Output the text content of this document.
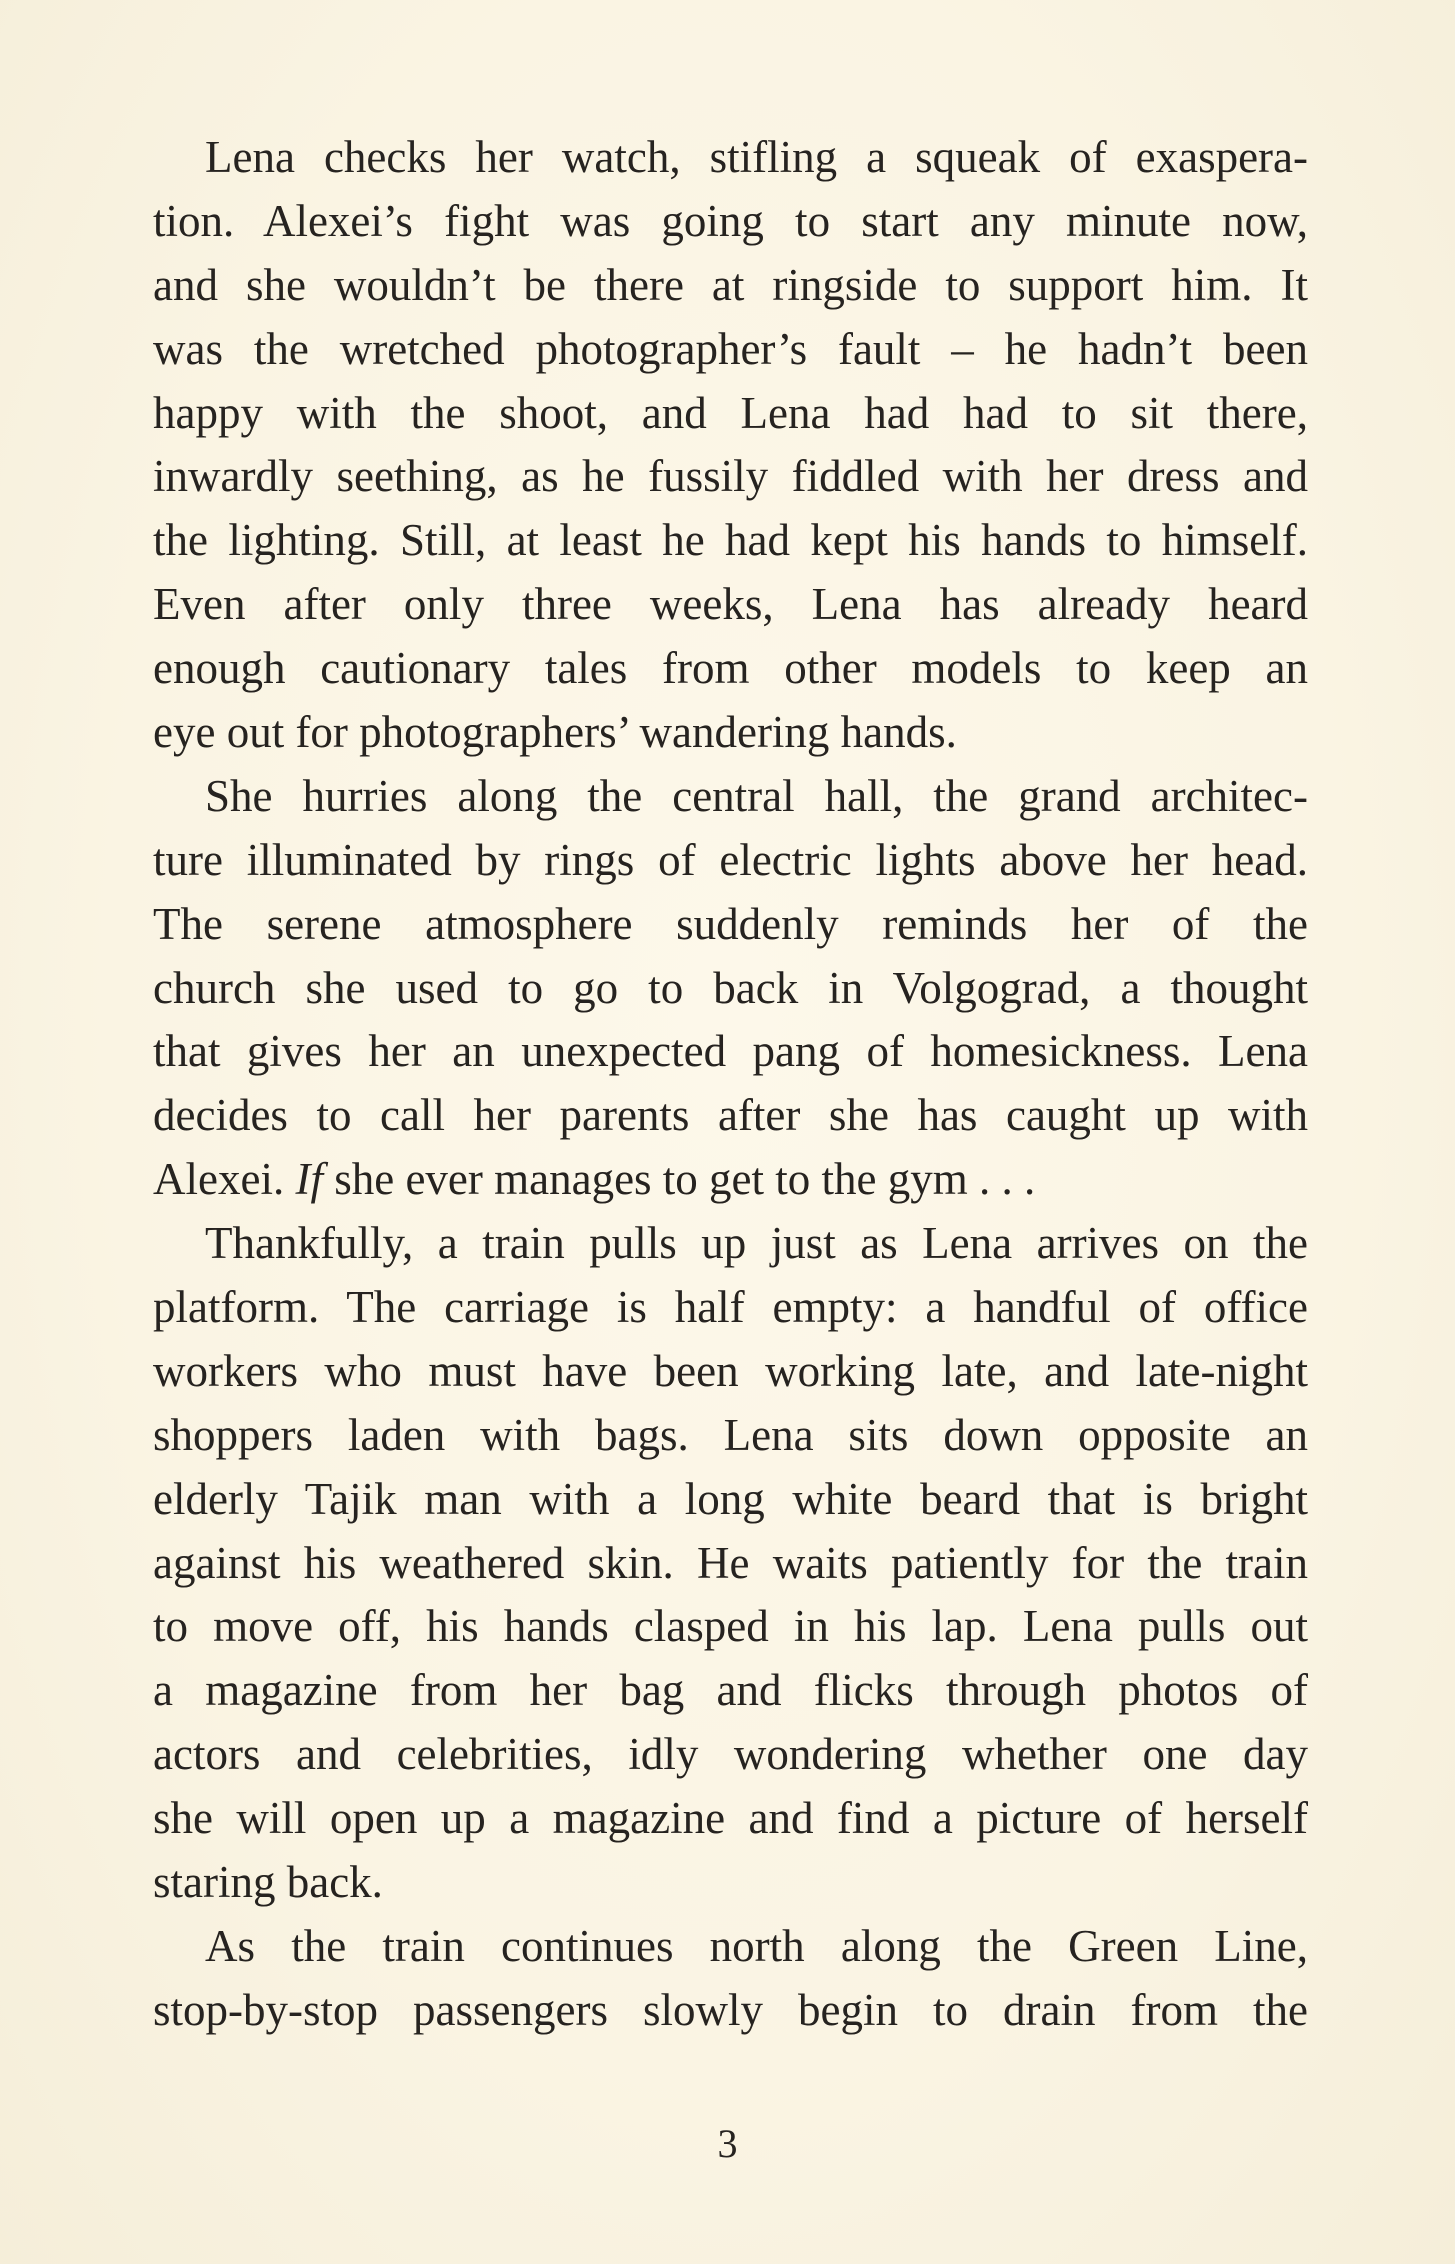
Lena checks her watch, stifling a squeak of exaspera-
tion. Alexei’s fight was going to start any minute now,
and she wouldn’t be there at ringside to support him. It
was the wretched photographer’s fault – he hadn’t been
happy with the shoot, and Lena had had to sit there,
inwardly seething, as he fussily fiddled with her dress and
the lighting. Still, at least he had kept his hands to himself.
Even after only three weeks, Lena has already heard
enough cautionary tales from other models to keep an
eye out for photographers’ wandering hands.
She hurries along the central hall, the grand architec-
ture illuminated by rings of electric lights above her head.
The serene atmosphere suddenly reminds her of the
church she used to go to back in Volgograd, a thought
that gives her an unexpected pang of homesickness. Lena
decides to call her parents after she has caught up with
Alexei. If she ever manages to get to the gym . . .
Thankfully, a train pulls up just as Lena arrives on the
platform. The carriage is half empty: a handful of office
workers who must have been working late, and late-night
shoppers laden with bags. Lena sits down opposite an
elderly Tajik man with a long white beard that is bright
against his weathered skin. He waits patiently for the train
to move off, his hands clasped in his lap. Lena pulls out
a magazine from her bag and flicks through photos of
actors and celebrities, idly wondering whether one day
she will open up a magazine and find a picture of herself
staring back.
As the train continues north along the Green Line,
stop-by-stop passengers slowly begin to drain from the
3
